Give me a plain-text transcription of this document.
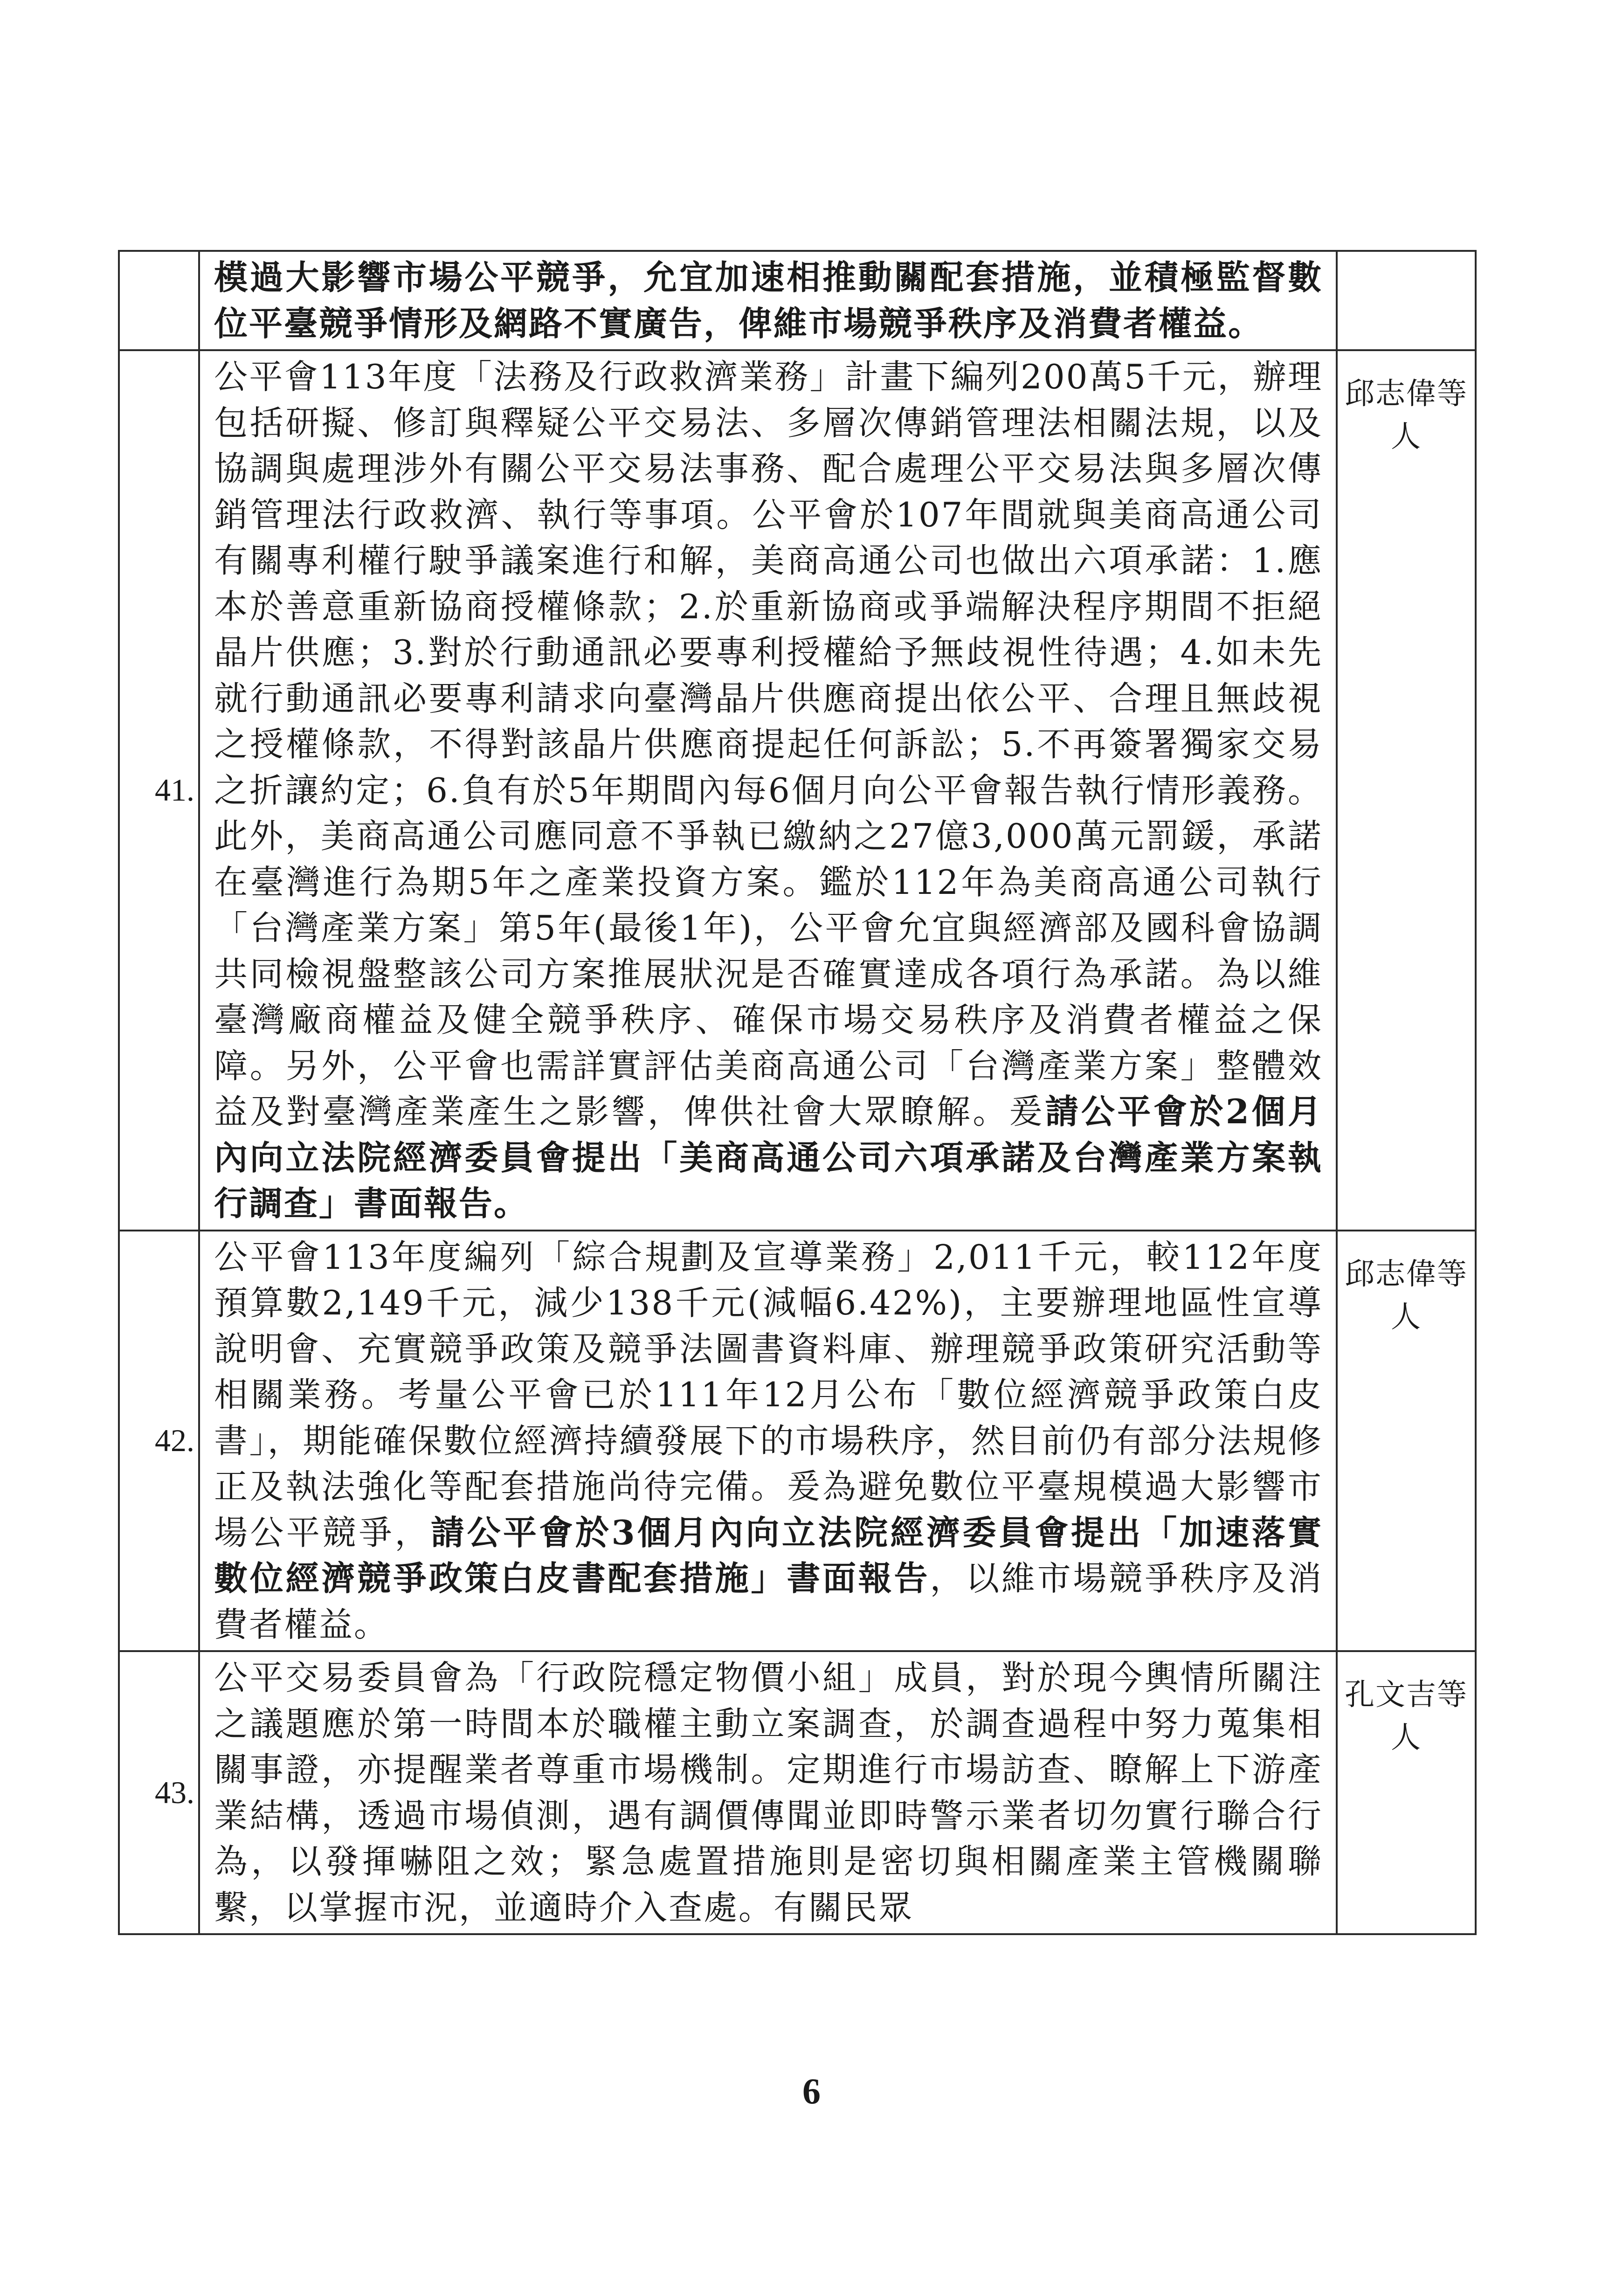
	模過大影響市場公平競爭，允宜加速相推動關配套措施，並積極監督數位平臺競爭情形及網路不實廣告，俾維市場競爭秩序及消費者權益。	
41.	公平會113年度「法務及行政救濟業務」計畫下編列200萬5千元，辦理包括研擬、修訂與釋疑公平交易法、多層次傳銷管理法相關法規，以及協調與處理涉外有關公平交易法事務、配合處理公平交易法與多層次傳銷管理法行政救濟、執行等事項。公平會於107年間就與美商高通公司有關專利權行駛爭議案進行和解，美商高通公司也做出六項承諾：1.應本於善意重新協商授權條款；2.於重新協商或爭端解決程序期間不拒絕晶片供應；3.對於行動通訊必要專利授權給予無歧視性待遇；4.如未先就行動通訊必要專利請求向臺灣晶片供應商提出依公平、合理且無歧視之授權條款，不得對該晶片供應商提起任何訴訟；5.不再簽署獨家交易之折讓約定；6.負有於5年期間內每6個月向公平會報告執行情形義務。此外，美商高通公司應同意不爭執已繳納之27億3,000萬元罰鍰，承諾在臺灣進行為期5年之產業投資方案。鑑於112年為美商高通公司執行「台灣產業方案」第5年(最後1年)，公平會允宜與經濟部及國科會協調共同檢視盤整該公司方案推展狀況是否確實達成各項行為承諾。為以維臺灣廠商權益及健全競爭秩序、確保市場交易秩序及消費者權益之保障。另外，公平會也需詳實評估美商高通公司「台灣產業方案」整體效益及對臺灣產業產生之影響，俾供社會大眾瞭解。爰請公平會於2個月內向立法院經濟委員會提出「美商高通公司六項承諾及台灣產業方案執行調查」書面報告。	邱志偉等人
42.	公平會113年度編列「綜合規劃及宣導業務」2,011千元，較112年度預算數2,149千元，減少138千元(減幅6.42%)，主要辦理地區性宣導說明會、充實競爭政策及競爭法圖書資料庫、辦理競爭政策研究活動等相關業務。考量公平會已於111年12月公布「數位經濟競爭政策白皮書」，期能確保數位經濟持續發展下的市場秩序，然目前仍有部分法規修正及執法強化等配套措施尚待完備。爰為避免數位平臺規模過大影響市場公平競爭，請公平會於3個月內向立法院經濟委員會提出「加速落實數位經濟競爭政策白皮書配套措施」書面報告，以維市場競爭秩序及消費者權益。	邱志偉等人
43.	公平交易委員會為「行政院穩定物價小組」成員，對於現今輿情所關注之議題應於第一時間本於職權主動立案調查，於調查過程中努力蒐集相關事證，亦提醒業者尊重市場機制。定期進行市場訪查、瞭解上下游產業結構，透過市場偵測，遇有調價傳聞並即時警示業者切勿實行聯合行為，以發揮嚇阻之效；緊急處置措施則是密切與相關產業主管機關聯繫，以掌握市況，並適時介入查處。有關民眾	孔文吉等人
6
